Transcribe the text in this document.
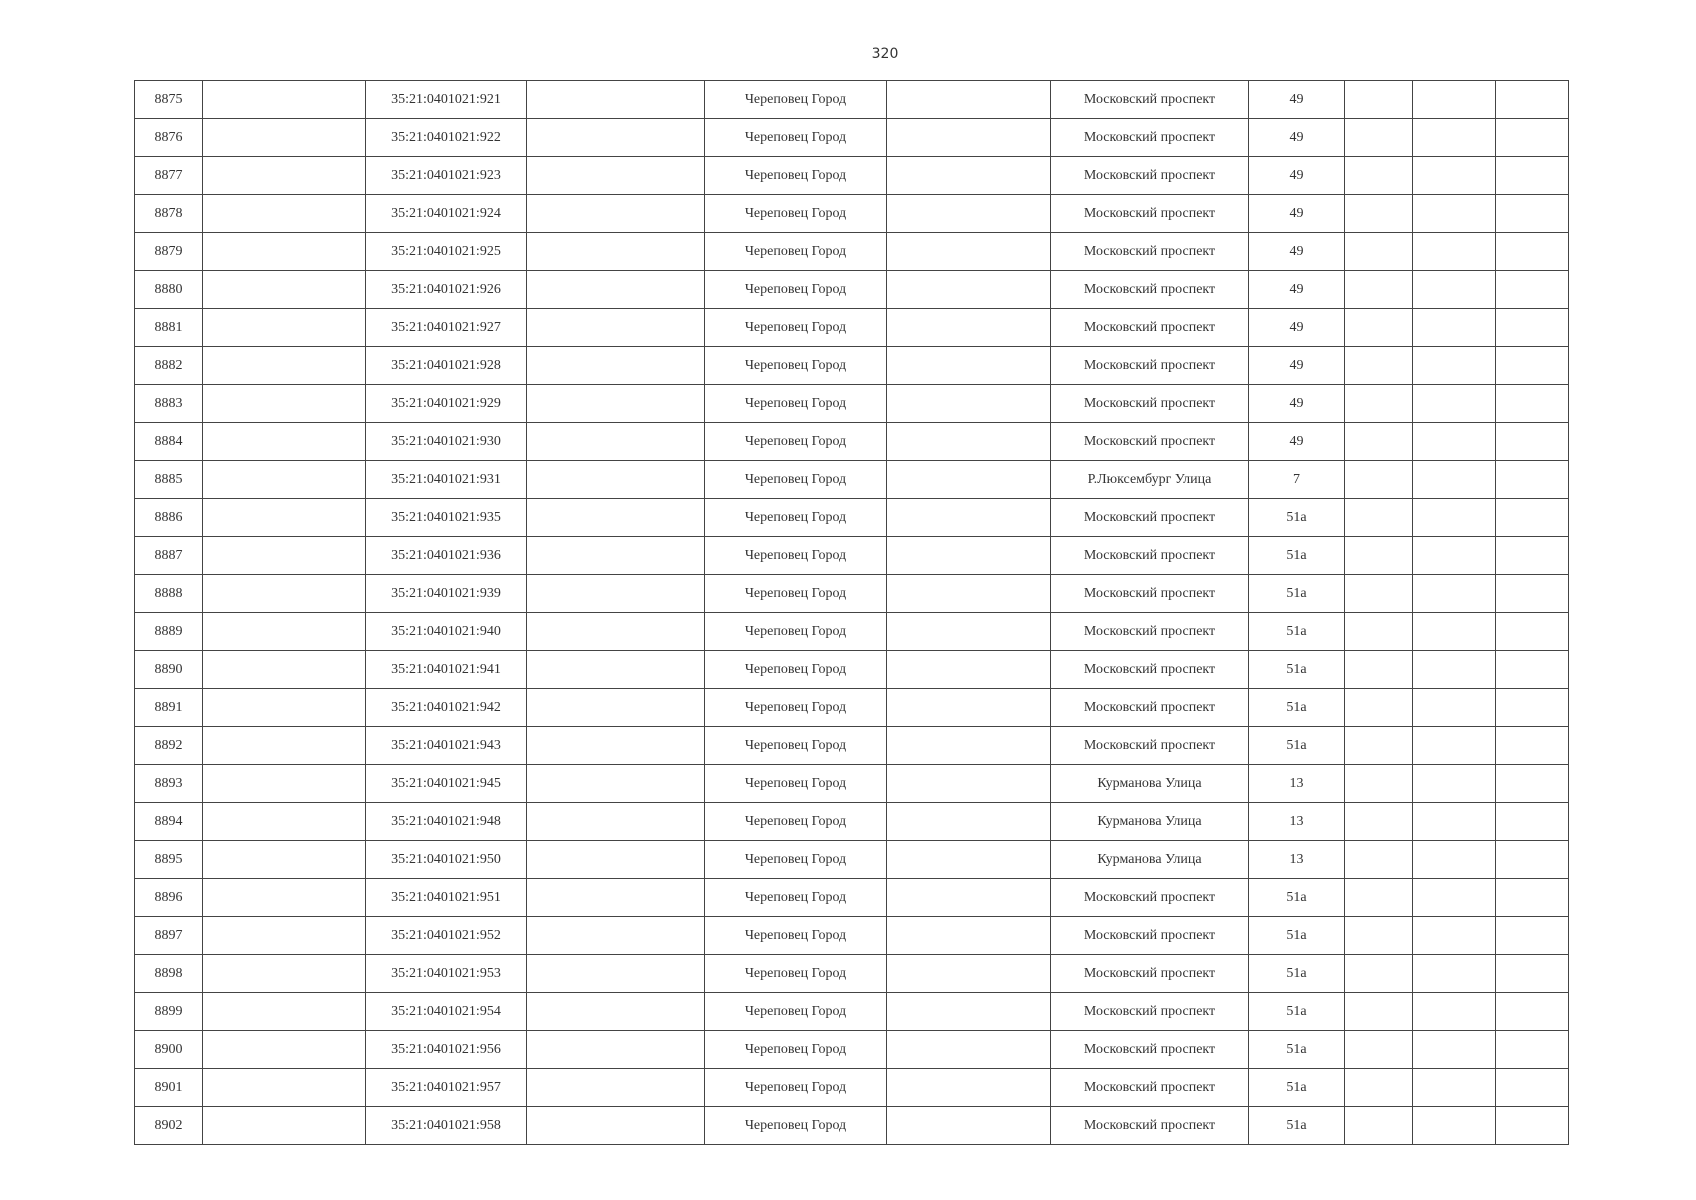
320
8875		35:21:0401021:921		Череповец Город		Московский проспект	49			
8876		35:21:0401021:922		Череповец Город		Московский проспект	49			
8877		35:21:0401021:923		Череповец Город		Московский проспект	49			
8878		35:21:0401021:924		Череповец Город		Московский проспект	49			
8879		35:21:0401021:925		Череповец Город		Московский проспект	49			
8880		35:21:0401021:926		Череповец Город		Московский проспект	49			
8881		35:21:0401021:927		Череповец Город		Московский проспект	49			
8882		35:21:0401021:928		Череповец Город		Московский проспект	49			
8883		35:21:0401021:929		Череповец Город		Московский проспект	49			
8884		35:21:0401021:930		Череповец Город		Московский проспект	49			
8885		35:21:0401021:931		Череповец Город		Р.Люксембург Улица	7			
8886		35:21:0401021:935		Череповец Город		Московский проспект	51а			
8887		35:21:0401021:936		Череповец Город		Московский проспект	51а			
8888		35:21:0401021:939		Череповец Город		Московский проспект	51а			
8889		35:21:0401021:940		Череповец Город		Московский проспект	51а			
8890		35:21:0401021:941		Череповец Город		Московский проспект	51а			
8891		35:21:0401021:942		Череповец Город		Московский проспект	51а			
8892		35:21:0401021:943		Череповец Город		Московский проспект	51а			
8893		35:21:0401021:945		Череповец Город		Курманова Улица	13			
8894		35:21:0401021:948		Череповец Город		Курманова Улица	13			
8895		35:21:0401021:950		Череповец Город		Курманова Улица	13			
8896		35:21:0401021:951		Череповец Город		Московский проспект	51а			
8897		35:21:0401021:952		Череповец Город		Московский проспект	51а			
8898		35:21:0401021:953		Череповец Город		Московский проспект	51а			
8899		35:21:0401021:954		Череповец Город		Московский проспект	51а			
8900		35:21:0401021:956		Череповец Город		Московский проспект	51а			
8901		35:21:0401021:957		Череповец Город		Московский проспект	51а			
8902		35:21:0401021:958		Череповец Город		Московский проспект	51а			
